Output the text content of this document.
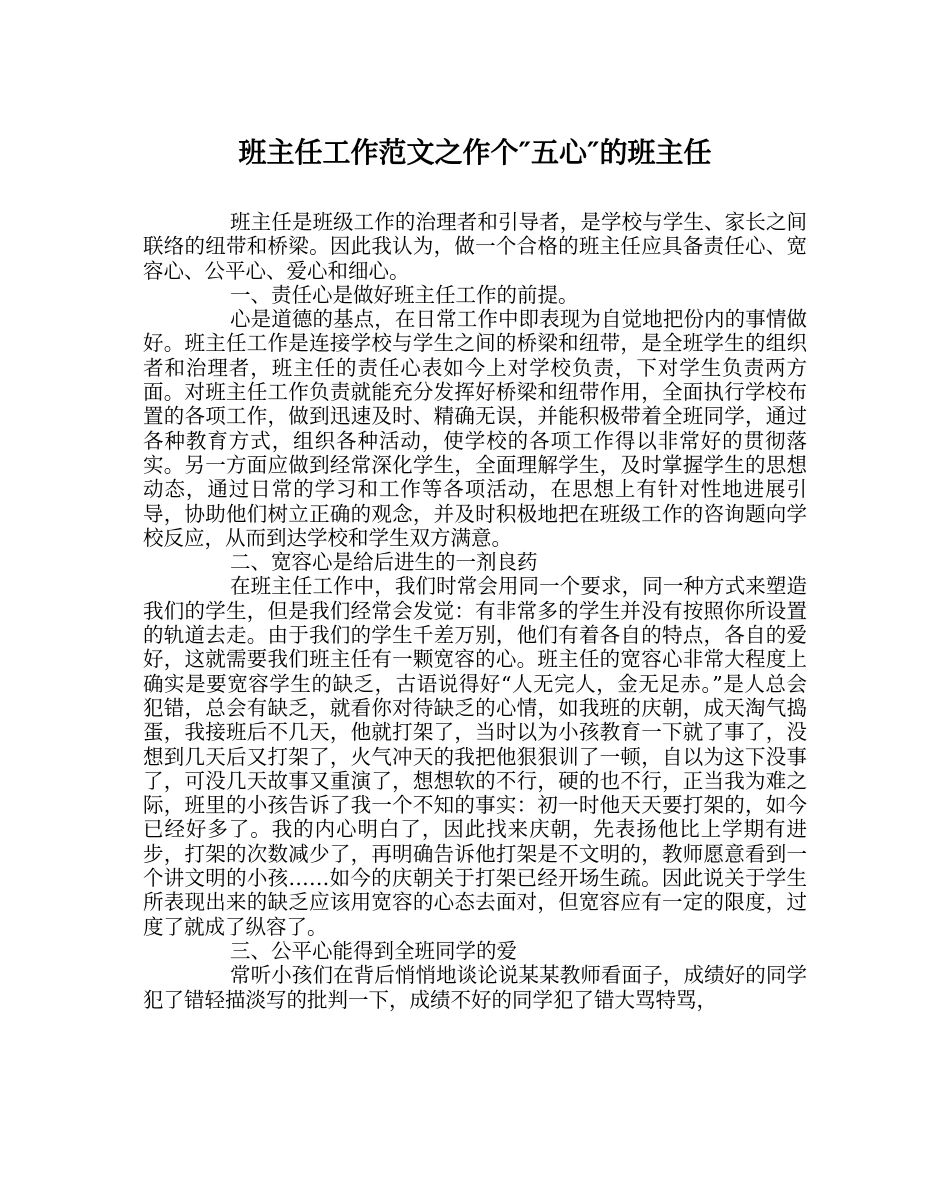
班主任工作范文之作个″五心″的班主任

班主任是班级工作的治理者和引导者，是学校与学生、家长之间联络的纽带和桥梁。因此我认为，做一个合格的班主任应具备责任心、宽容心、公平心、爱心和细心。

一、责任心是做好班主任工作的前提。

心是道德的基点，在日常工作中即表现为自觉地把份内的事情做好。班主任工作是连接学校与学生之间的桥梁和纽带，是全班学生的组织者和治理者，班主任的责任心表如今上对学校负责，下对学生负责两方面。对班主任工作负责就能充分发挥好桥梁和纽带作用，全面执行学校布置的各项工作，做到迅速及时、精确无误，并能积极带着全班同学，通过各种教育方式，组织各种活动，使学校的各项工作得以非常好的贯彻落实。另一方面应做到经常深化学生，全面理解学生，及时掌握学生的思想动态，通过日常的学习和工作等各项活动，在思想上有针对性地进展引导，协助他们树立正确的观念，并及时积极地把在班级工作的咨询题向学校反应，从而到达学校和学生双方满意。

二、宽容心是给后进生的一剂良药

在班主任工作中，我们时常会用同一个要求，同一种方式来塑造我们的学生，但是我们经常会发觉：有非常多的学生并没有按照你所设置的轨道去走。由于我们的学生千差万别，他们有着各自的特点，各自的爱好，这就需要我们班主任有一颗宽容的心。班主任的宽容心非常大程度上确实是要宽容学生的缺乏，古语说得好“人无完人，金无足赤。”是人总会犯错，总会有缺乏，就看你对待缺乏的心情，如我班的庆朝，成天淘气捣蛋，我接班后不几天，他就打架了，当时以为小孩教育一下就了事了，没想到几天后又打架了，火气冲天的我把他狠狠训了一顿，自以为这下没事了，可没几天故事又重演了，想想软的不行，硬的也不行，正当我为难之际，班里的小孩告诉了我一个不知的事实：初一时他天天要打架的，如今已经好多了。我的内心明白了，因此找来庆朝，先表扬他比上学期有进步，打架的次数减少了，再明确告诉他打架是不文明的，教师愿意看到一个讲文明的小孩……如今的庆朝关于打架已经开场生疏。因此说关于学生所表现出来的缺乏应该用宽容的心态去面对，但宽容应有一定的限度，过度了就成了纵容了。

三、公平心能得到全班同学的爱

常听小孩们在背后悄悄地谈论说某某教师看面子，成绩好的同学犯了错轻描淡写的批判一下，成绩不好的同学犯了错大骂特骂，
